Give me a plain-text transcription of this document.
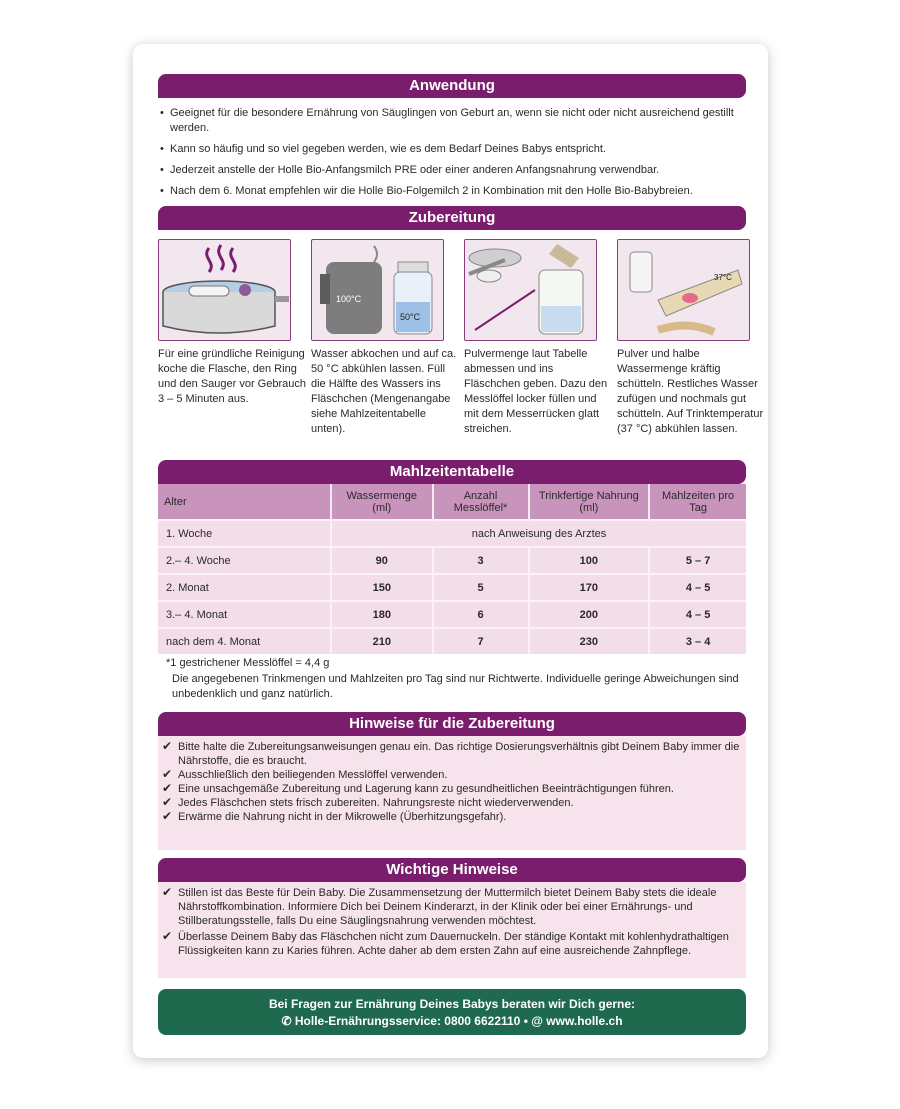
Anwendung
• Geeignet für die besondere Ernährung von Säuglingen von Geburt an, wenn sie nicht oder nicht ausreichend gestillt werden.
• Kann so häufig und so viel gegeben werden, wie es dem Bedarf Deines Babys entspricht.
• Jederzeit anstelle der Holle Bio-Anfangsmilch PRE oder einer anderen Anfangsnahrung verwendbar.
• Nach dem 6. Monat empfehlen wir die Holle Bio-Folgemilch 2 in Kombination mit den Holle Bio-Babybreien.
Zubereitung
100°C
50°C
37°C
Für eine gründliche Reinigung koche die Flasche, den Ring und den Sauger vor Gebrauch 3 – 5 Minuten aus.
Wasser abkochen und auf ca. 50 °C abkühlen lassen. Füll die Hälfte des Wassers ins Fläschchen (Mengenangabe siehe Mahlzeitentabelle unten).
Pulvermenge laut Tabelle abmessen und ins Fläschchen geben. Dazu den Messlöffel locker füllen und mit dem Messerrücken glatt streichen.
Pulver und halbe Wassermenge kräftig schütteln. Restliches Wasser zufügen und nochmals gut schütteln. Auf Trinktemperatur (37 °C) abkühlen lassen.
Mahlzeitentabelle
Alter	Wassermenge (ml)	Anzahl Messlöffel*	Trinkfertige Nahrung (ml)	Mahlzeiten pro Tag
1. Woche	nach Anweisung des Arztes			
2.– 4. Woche	90	3	100	5 – 7
2. Monat	150	5	170	4 – 5
3.– 4. Monat	180	6	200	4 – 5
nach dem 4. Monat	210	7	230	3 – 4
*1 gestrichener Messlöffel = 4,4 g
Die angegebenen Trinkmengen und Mahlzeiten pro Tag sind nur Richtwerte. Individuelle geringe Abweichungen sind unbedenklich und ganz natürlich.
Hinweise für die Zubereitung
✔ Bitte halte die Zubereitungsanweisungen genau ein. Das richtige Dosierungsverhältnis gibt Deinem Baby immer die Nährstoffe, die es braucht.
✔ Ausschließlich den beiliegenden Messlöffel verwenden.
✔ Eine unsachgemäße Zubereitung und Lagerung kann zu gesundheitlichen Beeinträchtigungen führen.
✔ Jedes Fläschchen stets frisch zubereiten. Nahrungsreste nicht wiederverwenden.
✔ Erwärme die Nahrung nicht in der Mikrowelle (Überhitzungsgefahr).
Wichtige Hinweise
✔ Stillen ist das Beste für Dein Baby. Die Zusammensetzung der Muttermilch bietet Deinem Baby stets die ideale Nährstoffkombination. Informiere Dich bei Deinem Kinderarzt, in der Klinik oder bei einer Ernährungs- und Stillberatungsstelle, falls Du eine Säuglingsnahrung verwenden möchtest.
✔ Überlasse Deinem Baby das Fläschchen nicht zum Dauernuckeln. Der ständige Kontakt mit kohlenhydrathaltigen Flüssigkeiten kann zu Karies führen. Achte daher ab dem ersten Zahn auf eine ausreichende Zahnpflege.
Bei Fragen zur Ernährung Deines Babys beraten wir Dich gerne:
✆ Holle-Ernährungsservice: 0800 6622110 • @ www.holle.ch
